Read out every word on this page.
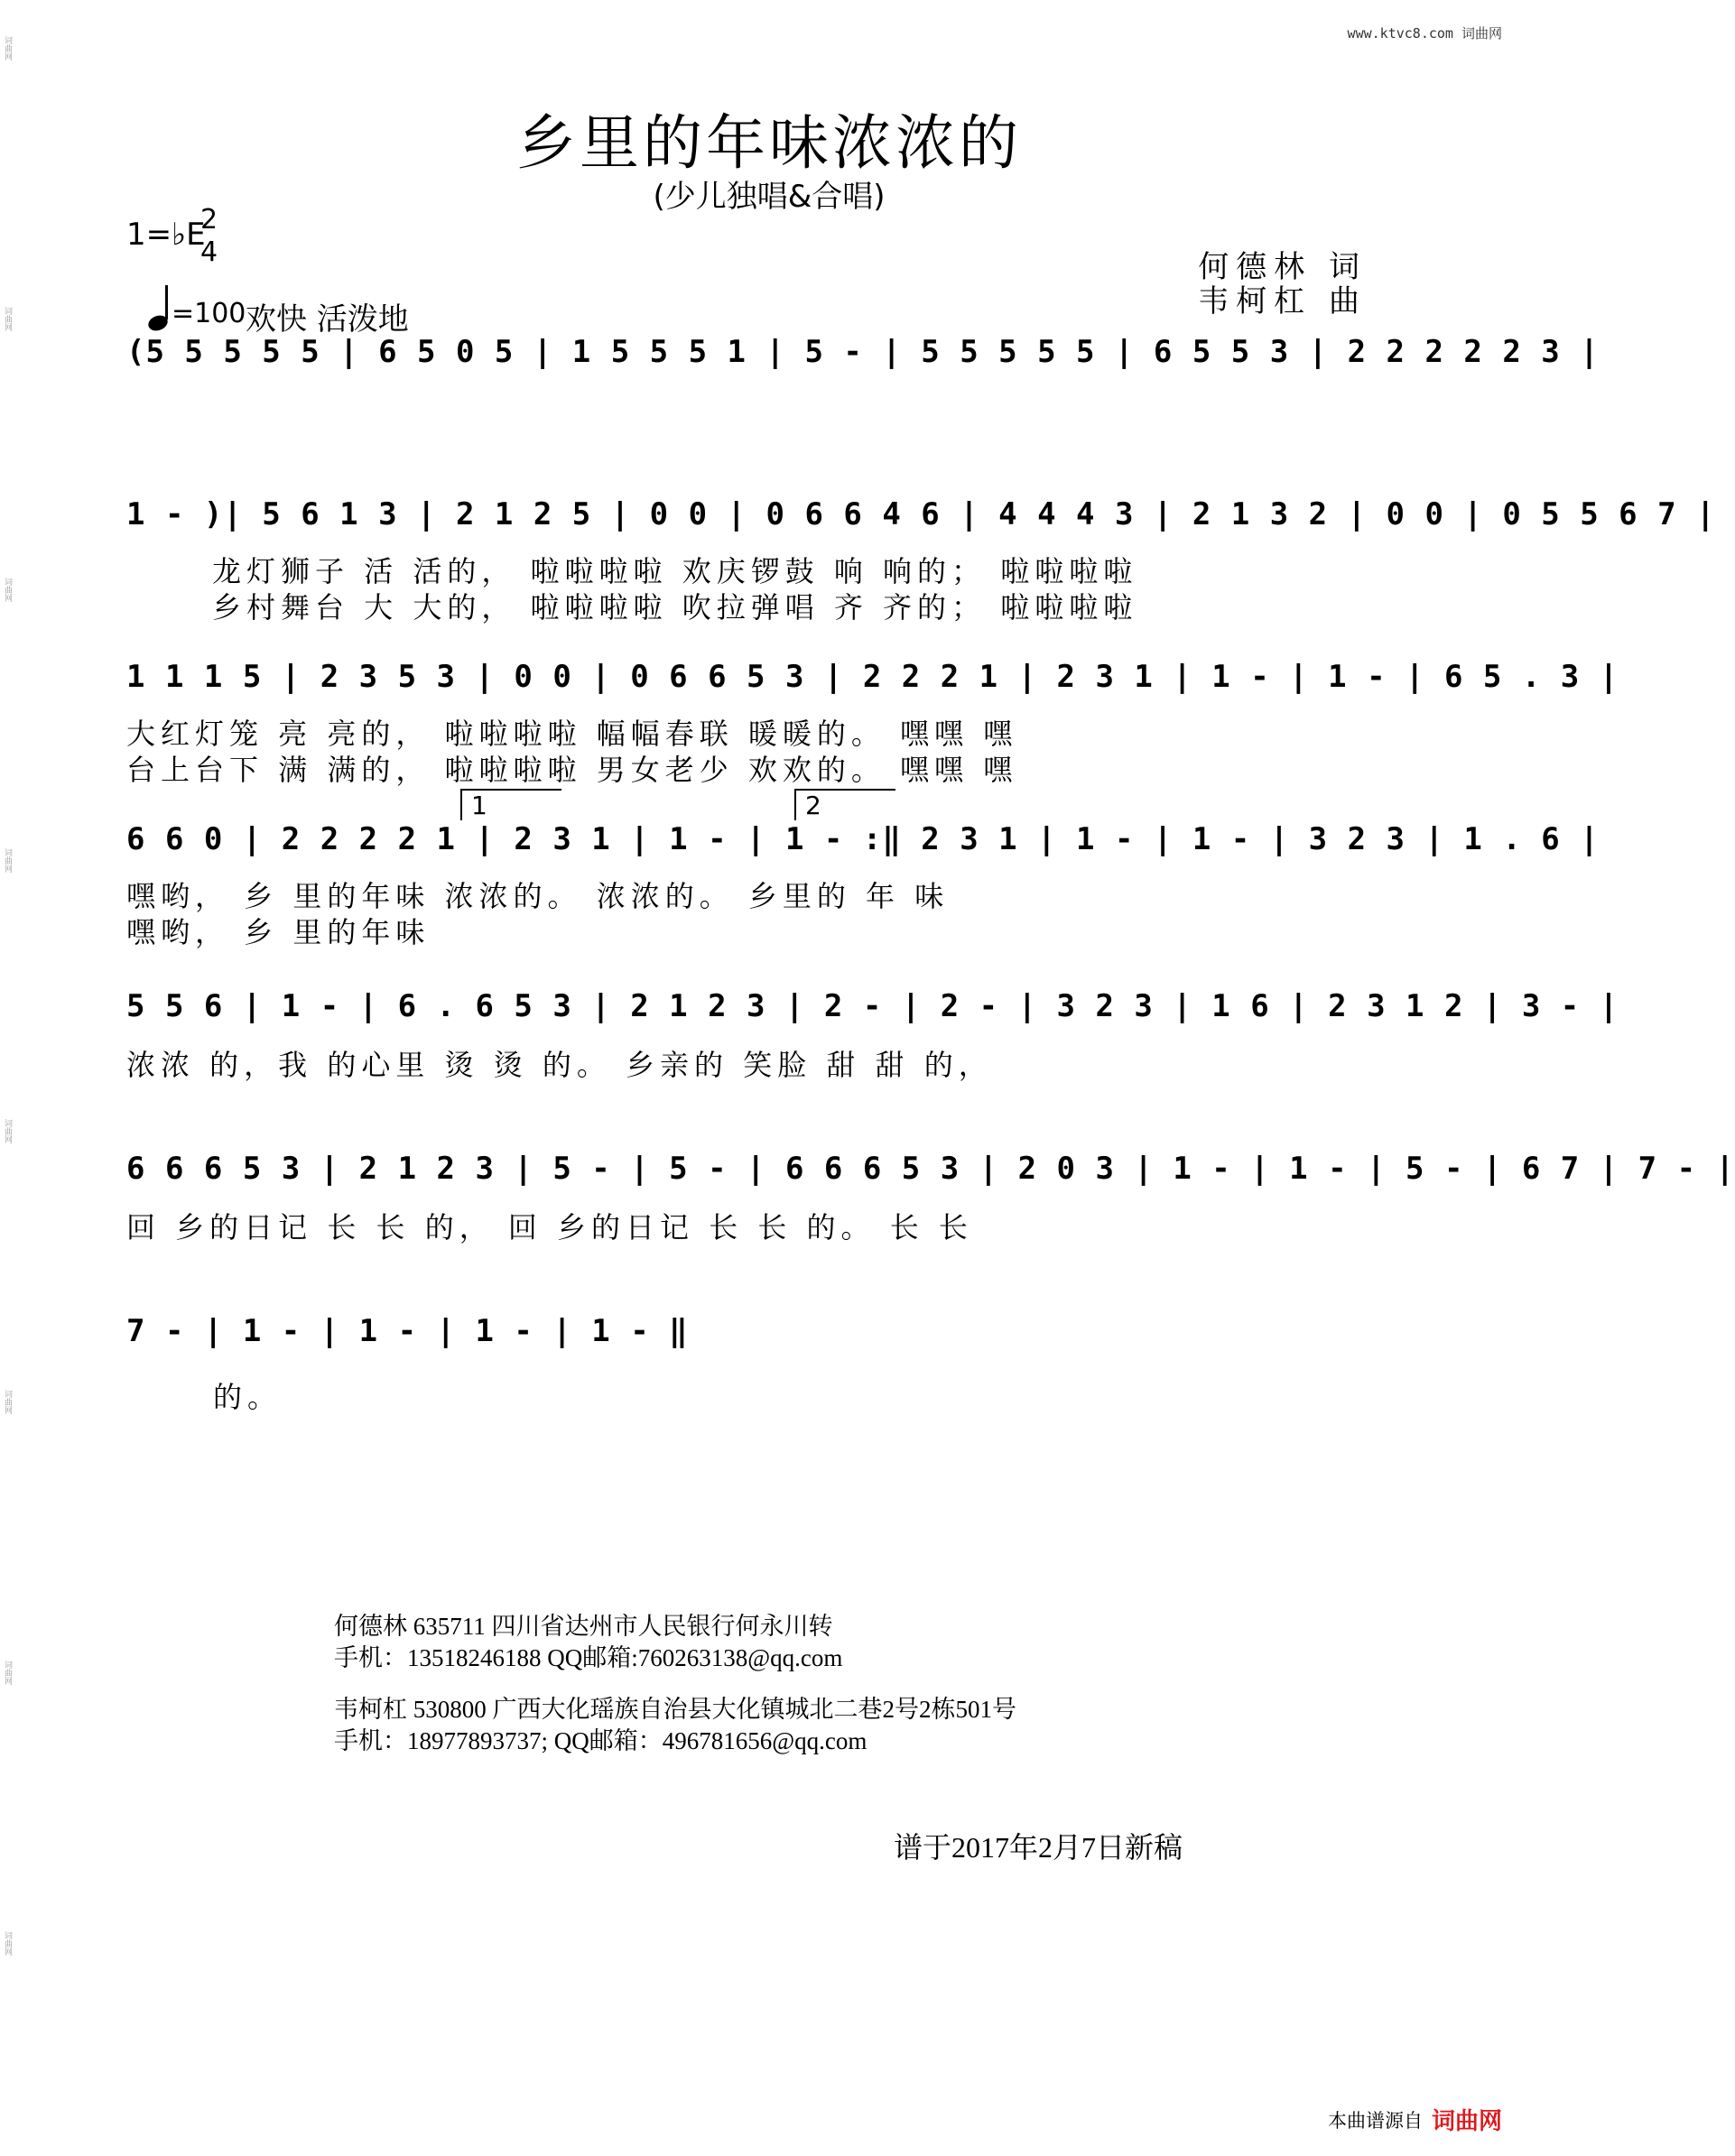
词曲网
词曲网
词曲网
词曲网
词曲网
词曲网
词曲网
词曲网
www.ktvc8.com 词曲网
乡里的年味浓浓的
(少儿独唱&合唱)
1=♭E
2
4
=100 欢快 活泼地
何德林 词
韦柯杠 曲
(5 5 5 5 5 | 6 5 0 5 | 1 5 5 5 1 | 5 - | 5 5 5 5 5 | 6 5 5 3 | 2 2 2 2 2 3 |
1 - )| 5 6 1 3 | 2 1 2 5 | 0 0 | 0 6 6 4 6 | 4 4 4 3 | 2 1 3 2 | 0 0 | 0 5 5 6 7 |
龙灯狮子 活 活的， 啦啦啦啦 欢庆锣鼓 响 响的； 啦啦啦啦
乡村舞台 大 大的， 啦啦啦啦 吹拉弹唱 齐 齐的； 啦啦啦啦
1 1 1 5 | 2 3 5 3 | 0 0 | 0 6 6 5 3 | 2 2 2 1 | 2 3 1 | 1 - | 1 - | 6 5 . 3 |
大红灯笼 亮 亮的， 啦啦啦啦 幅幅春联 暖暖的。 嘿嘿 嘿
台上台下 满 满的， 啦啦啦啦 男女老少 欢欢的。 嘿嘿 嘿
1	2
6 6 0 | 2 2 2 2 1 | 2 3 1 | 1 - | 1 - :‖ 2 3 1 | 1 - | 1 - | 3 2 3 | 1 . 6 |
嘿哟， 乡 里的年味 浓浓的。 浓浓的。 乡里的 年 味
嘿哟， 乡 里的年味
5 5 6 | 1 - | 6 . 6 5 3 | 2 1 2 3 | 2 - | 2 - | 3 2 3 | 1 6 | 2 3 1 2 | 3 - |
浓浓 的，我 的心里 烫 烫 的。 乡亲的 笑脸 甜 甜 的，
6 6 6 5 3 | 2 1 2 3 | 5 - | 5 - | 6 6 6 5 3 | 2 0 3 | 1 - | 1 - | 5 - | 6 7 | 7 - |
回 乡的日记 长 长 的， 回 乡的日记 长 长 的。 长 长
7 - | 1 - | 1 - | 1 - | 1 - ‖
的。
何德林 635711 四川省达州市人民银行何永川转
手机：13518246188 QQ邮箱:760263138@qq.com
韦柯杠 530800 广西大化瑶族自治县大化镇城北二巷2号2栋501号
手机：18977893737; QQ邮箱：496781656@qq.com
谱于2017年2月7日新稿
本曲谱源自 词曲网
